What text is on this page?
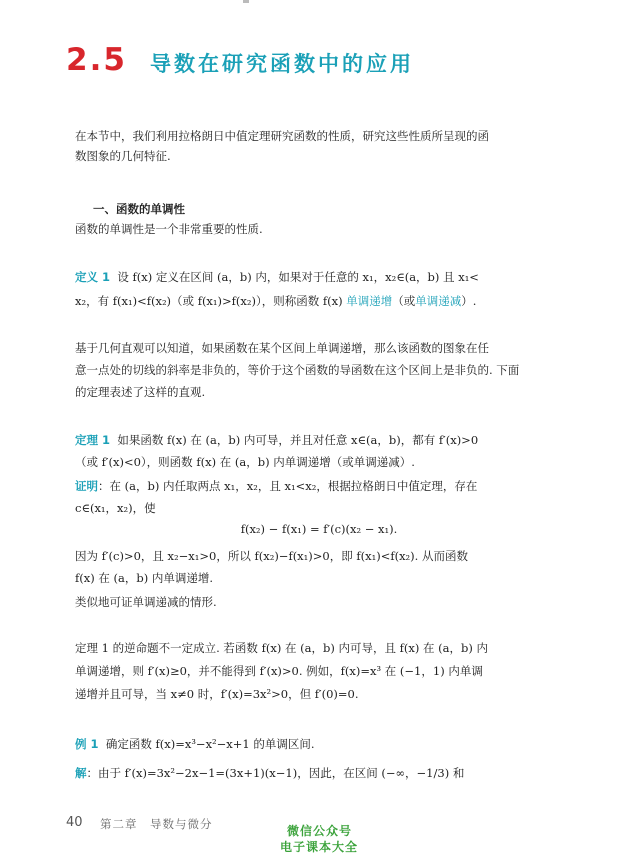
2.5 导数在研究函数中的应用
在本节中，我们利用拉格朗日中值定理研究函数的性质，研究这些性质所呈现的函
数图象的几何特征.
一、函数的单调性
函数的单调性是一个非常重要的性质.
定义 1 设 f(x) 定义在区间 (a，b) 内，如果对于任意的 x₁，x₂∈(a，b) 且 x₁<
x₂，有 f(x₁)<f(x₂)（或 f(x₁)>f(x₂)），则称函数 f(x) 单调递增（或单调递减）.
基于几何直观可以知道，如果函数在某个区间上单调递增，那么该函数的图象在任
意一点处的切线的斜率是非负的，等价于这个函数的导函数在这个区间上是非负的. 下面
的定理表述了这样的直观.
定理 1 如果函数 f(x) 在 (a，b) 内可导，并且对任意 x∈(a，b)，都有 f′(x)>0
（或 f′(x)<0），则函数 f(x) 在 (a，b) 内单调递增（或单调递减）.
证明：在 (a，b) 内任取两点 x₁，x₂，且 x₁<x₂，根据拉格朗日中值定理，存在
c∈(x₁，x₂)，使
f(x₂) − f(x₁) = f′(c)(x₂ − x₁).
因为 f′(c)>0，且 x₂−x₁>0，所以 f(x₂)−f(x₁)>0，即 f(x₁)<f(x₂). 从而函数
f(x) 在 (a，b) 内单调递增.
类似地可证单调递减的情形.
定理 1 的逆命题不一定成立. 若函数 f(x) 在 (a，b) 内可导，且 f(x) 在 (a，b) 内
单调递增，则 f′(x)≥0，并不能得到 f′(x)>0. 例如，f(x)=x³ 在 (−1，1) 内单调
递增并且可导，当 x≠0 时，f′(x)=3x²>0，但 f′(0)=0.
例 1 确定函数 f(x)=x³−x²−x+1 的单调区间.
解：由于 f′(x)=3x²−2x−1=(3x+1)(x−1)，因此，在区间 (−∞，−1/3) 和
40 第二章　导数与微分	微信公众号
电子课本大全
